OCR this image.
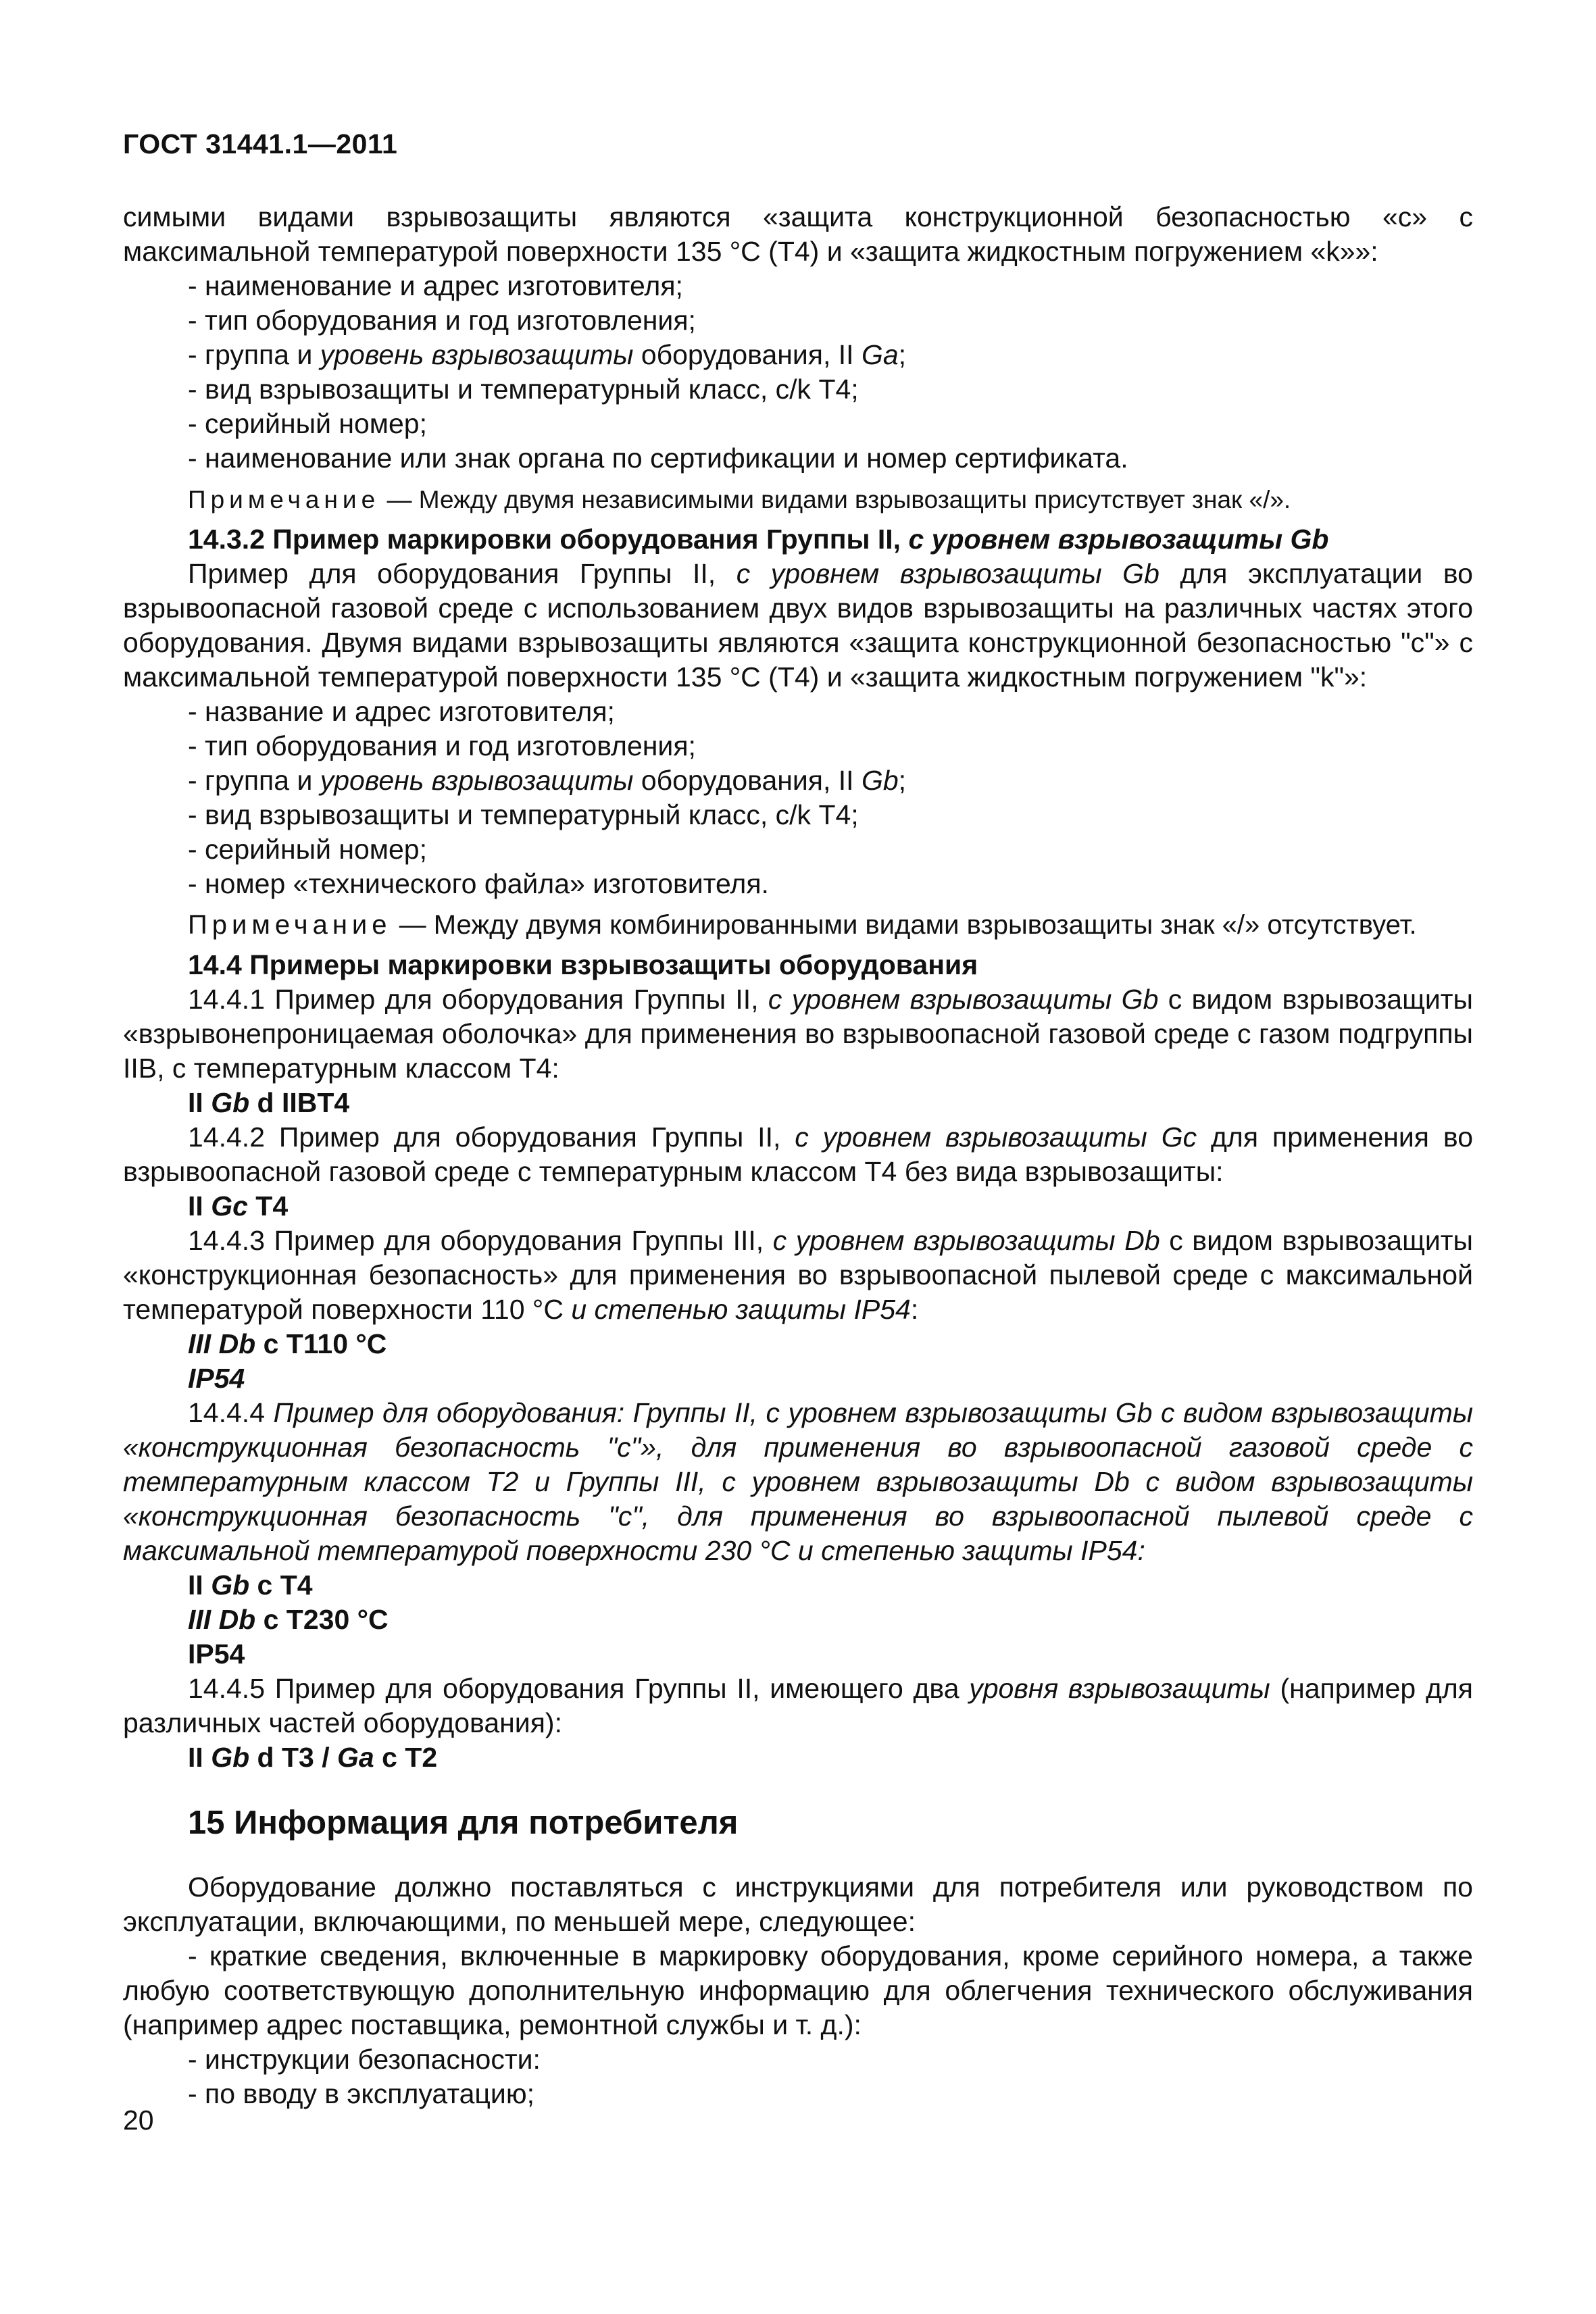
ГОСТ 31441.1—2011

симыми видами взрывозащиты являются «защита конструкционной безопасностью «с» с максимальной температурой поверхности 135 °С (Т4) и «защита жидкостным погружением «k»»:

- наименование и адрес изготовителя;

- тип оборудования и год изготовления;

- группа и уровень взрывозащиты оборудования, II Ga;

- вид взрывозащиты и температурный класс, с/k Т4;

- серийный номер;

- наименование или знак органа по сертификации и номер сертификата.

Примечание — Между двумя независимыми видами взрывозащиты присутствует знак «/».

14.3.2 Пример маркировки оборудования Группы II, с уровнем взрывозащиты Gb

Пример для оборудования Группы II, с уровнем взрывозащиты Gb для эксплуатации во взрывоопасной газовой среде с использованием двух видов взрывозащиты на различных частях этого оборудования. Двумя видами взрывозащиты являются «защита конструкционной безопасностью "с"» с максимальной температурой поверхности 135 °С (Т4) и «защита жидкостным погружением "k"»:

- название и адрес изготовителя;

- тип оборудования и год изготовления;

- группа и уровень взрывозащиты оборудования, II Gb;

- вид взрывозащиты и температурный класс, с/k Т4;

- серийный номер;

- номер «технического файла» изготовителя.

Примечание — Между двумя комбинированными видами взрывозащиты знак «/» отсутствует.

14.4 Примеры маркировки взрывозащиты оборудования

14.4.1 Пример для оборудования Группы II, с уровнем взрывозащиты Gb с видом взрывозащиты «взрывонепроницаемая оболочка» для применения во взрывоопасной газовой среде с газом подгруппы IIB, с температурным классом Т4:

II Gb d IIBT4

14.4.2 Пример для оборудования Группы II, с уровнем взрывозащиты Gc для применения во взрывоопасной газовой среде с температурным классом Т4 без вида взрывозащиты:

II Gc T4

14.4.3 Пример для оборудования Группы III, с уровнем взрывозащиты Db с видом взрывозащиты «конструкционная безопасность» для применения во взрывоопасной пылевой среде с максимальной температурой поверхности 110 °С и степенью защиты IP54:

III Db c T110 °C

IP54

14.4.4 Пример для оборудования: Группы II, с уровнем взрывозащиты Gb с видом взрывозащиты «конструкционная безопасность "с"», для применения во взрывоопасной газовой среде с температурным классом Т2 и Группы III, с уровнем взрывозащиты Db с видом взрывозащиты «конструкционная безопасность "с", для применения во взрывоопасной пылевой среде с максимальной температурой поверхности 230 °С и степенью защиты IP54:

II Gb c T4

III Db c T230 °C

IP54

14.4.5 Пример для оборудования Группы II, имеющего два уровня взрывозащиты (например для различных частей оборудования):

II Gb d T3 / Ga c T2

15 Информация для потребителя

Оборудование должно поставляться с инструкциями для потребителя или руководством по эксплуатации, включающими, по меньшей мере, следующее:

- краткие сведения, включенные в маркировку оборудования, кроме серийного номера, а также любую соответствующую дополнительную информацию для облегчения технического обслуживания (например адрес поставщика, ремонтной службы и т. д.):

- инструкции безопасности:

- по вводу в эксплуатацию;

20
